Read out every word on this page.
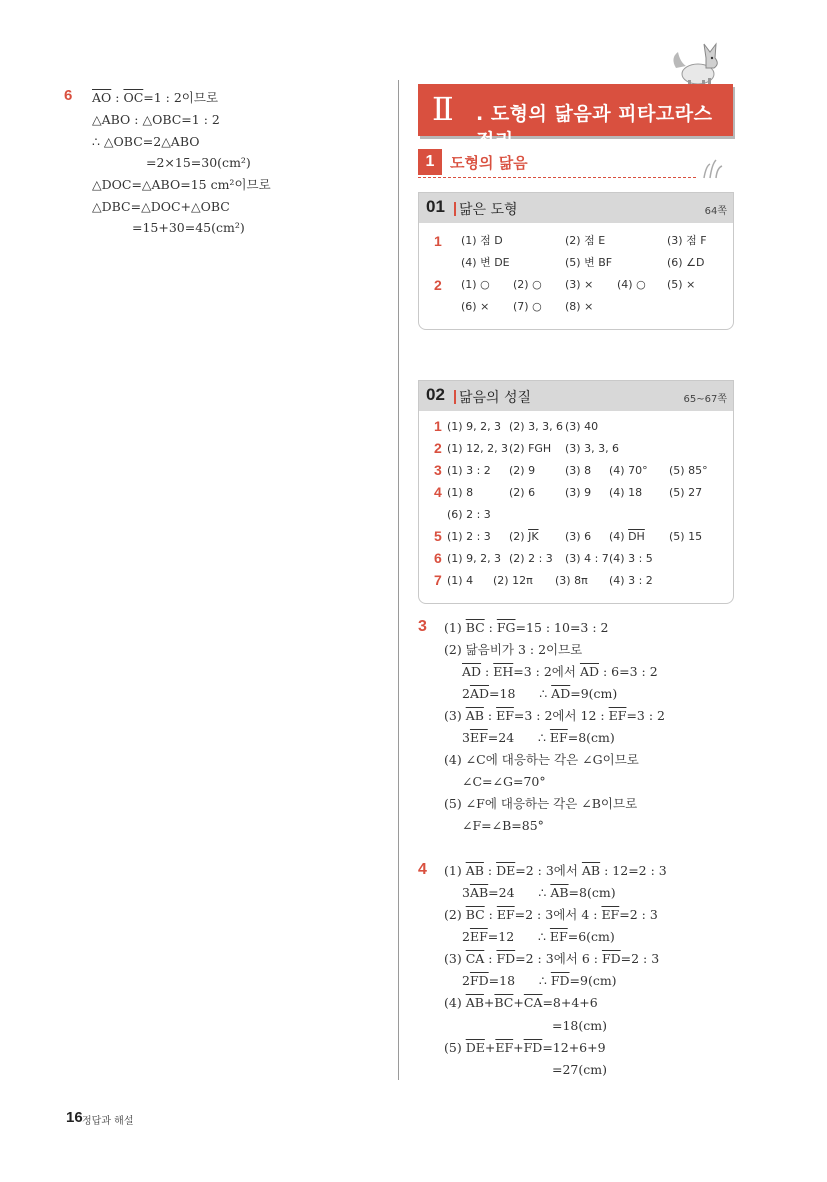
6 $\overline{AO}$ : $\overline{OC}=1$ : 2이므로
△ABO : △OBC=1 : 2
∴ △OBC=2△ABO
=2×15=30(cm²)
△DOC=△ABO=15 cm²이므로
△DBC=△DOC+△OBC
=15+30=45(cm²)
Ⅱ . 도형의 닮음과 피타고라스 정리
1	도형의 닮음
01 닮은 도형	64쪽
1 (1) 점 D	(2) 점 E	(3) 점 F
(4) 변 DE	(5) 변 BF	(6) ∠D
2 (1) ○ (2) ○ (3) × (4) ○ (5) ×
(6) × (7) ○ (8) ×
02 닮음의 성질	65~67쪽
1 (1) 9, 2, 3 (2) 3, 3, 6 (3) 40
2 (1) 12, 2, 3 (2) FGH (3) 3, 3, 6
3 (1) 3 : 2 (2) 9	(3) 8 (4) 70° (5) 85°
4 (1) 8	(2) 6	(3) 9 (4) 18 (5) 27
(6) 2 : 3
5 (1) 2 : 3 (2) $\overline{JK}$ (3) 6 (4) $\overline{DH}$ (5) 15
6 (1) 9, 2, 3 (2) 2 : 3 (3) 4 : 7 (4) 3 : 5
7 (1) 4 (2) 12π (3) 8π (4) 3 : 2
3 (1) $\overline{BC}$ : $\overline{FG}=15$ : 10=3 : 2
(2) 닮음비가 3 : 2이므로
$\overline{AD}$ : $\overline{EH}=3$ : 2에서 $\overline{AD}$ : 6=3 : 2
$2\overline{AD}=18$      ∴ $\overline{AD}=9(cm)$
(3) $\overline{AB}$ : $\overline{EF}=3$ : 2에서 12 : $\overline{EF}=3$ : 2
$3\overline{EF}=24$      ∴ $\overline{EF}=8(cm)$
(4) ∠C에 대응하는 각은 ∠G이므로
∠C=∠G=70°
(5) ∠F에 대응하는 각은 ∠B이므로
∠F=∠B=85°
4 (1) $\overline{AB}$ : $\overline{DE}=2$ : 3에서 $\overline{AB}$ : 12=2 : 3
$3\overline{AB}=24$      ∴ $\overline{AB}=8(cm)$
(2) $\overline{BC}$ : $\overline{EF}=2$ : 3에서 4 : $\overline{EF}=2$ : 3
$2\overline{EF}=12$      ∴ $\overline{EF}=6(cm)$
(3) $\overline{CA}$ : $\overline{FD}=2$ : 3에서 6 : $\overline{FD}=2$ : 3
$2\overline{FD}=18$      ∴ $\overline{FD}=9(cm)$
(4) $\overline{AB}+\overline{BC}+\overline{CA}=8+4+6$
=18(cm)
(5) $\overline{DE}+\overline{EF}+\overline{FD}=12+6+9$
=27(cm)
16 정답과 해설
